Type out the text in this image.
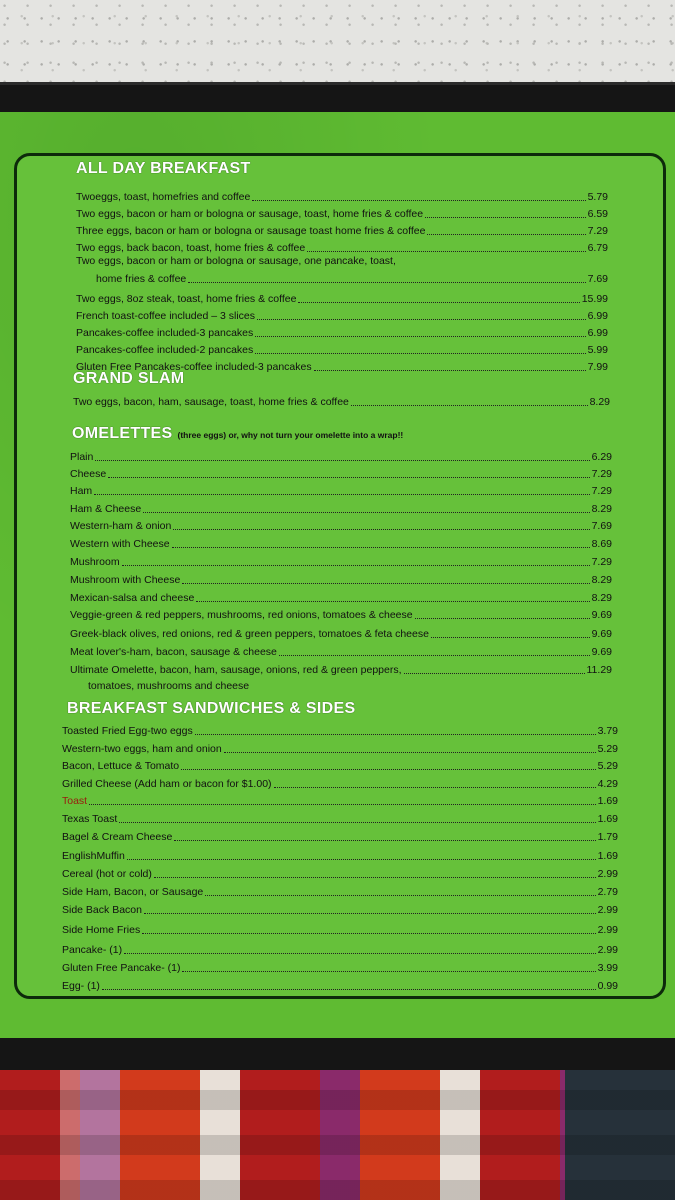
ALL DAY BREAKFAST
Twoeggs, toast, homefries and coffee	5.79
Two eggs, bacon or ham or bologna or sausage, toast, home fries & coffee	6.59
Three eggs, bacon or ham or bologna or sausage toast home fries & coffee	7.29
Two eggs, back bacon, toast, home fries & coffee	6.79
Two eggs, bacon or ham or bologna or sausage, one pancake, toast,
home fries & coffee	7.69
Two eggs, 8oz steak, toast, home fries & coffee	15.99
French toast-coffee included – 3 slices	6.99
Pancakes-coffee included-3 pancakes	6.99
Pancakes-coffee included-2 pancakes	5.99
Gluten Free Pancakes-coffee included-3 pancakes	7.99
GRAND SLAM
Two eggs, bacon, ham, sausage, toast, home fries & coffee	8.29
OMELETTES (three eggs) or, why not turn your omelette into a wrap!!
Plain	6.29
Cheese	7.29
Ham	7.29
Ham & Cheese	8.29
Western-ham & onion	7.69
Western with Cheese	8.69
Mushroom	7.29
Mushroom with Cheese	8.29
Mexican-salsa and cheese	8.29
Veggie-green & red peppers, mushrooms, red onions, tomatoes & cheese	9.69
Greek-black olives, red onions, red & green peppers, tomatoes & feta cheese	9.69
Meat lover's-ham, bacon, sausage & cheese	9.69
Ultimate Omelette, bacon, ham, sausage, onions, red & green peppers,	11.29
tomatoes, mushrooms and cheese
BREAKFAST SANDWICHES & SIDES
Toasted Fried Egg-two eggs	3.79
Western-two eggs, ham and onion	5.29
Bacon, Lettuce & Tomato	5.29
Grilled Cheese (Add ham or bacon for $1.00)	4.29
Toast	1.69
Texas Toast	1.69
Bagel & Cream Cheese	1.79
EnglishMuffin	1.69
Cereal (hot or cold)	2.99
Side Ham, Bacon, or Sausage	2.79
Side Back Bacon	2.99
Side Home Fries	2.99
Pancake- (1)	2.99
Gluten Free Pancake- (1)	3.99
Egg- (1)	0.99
